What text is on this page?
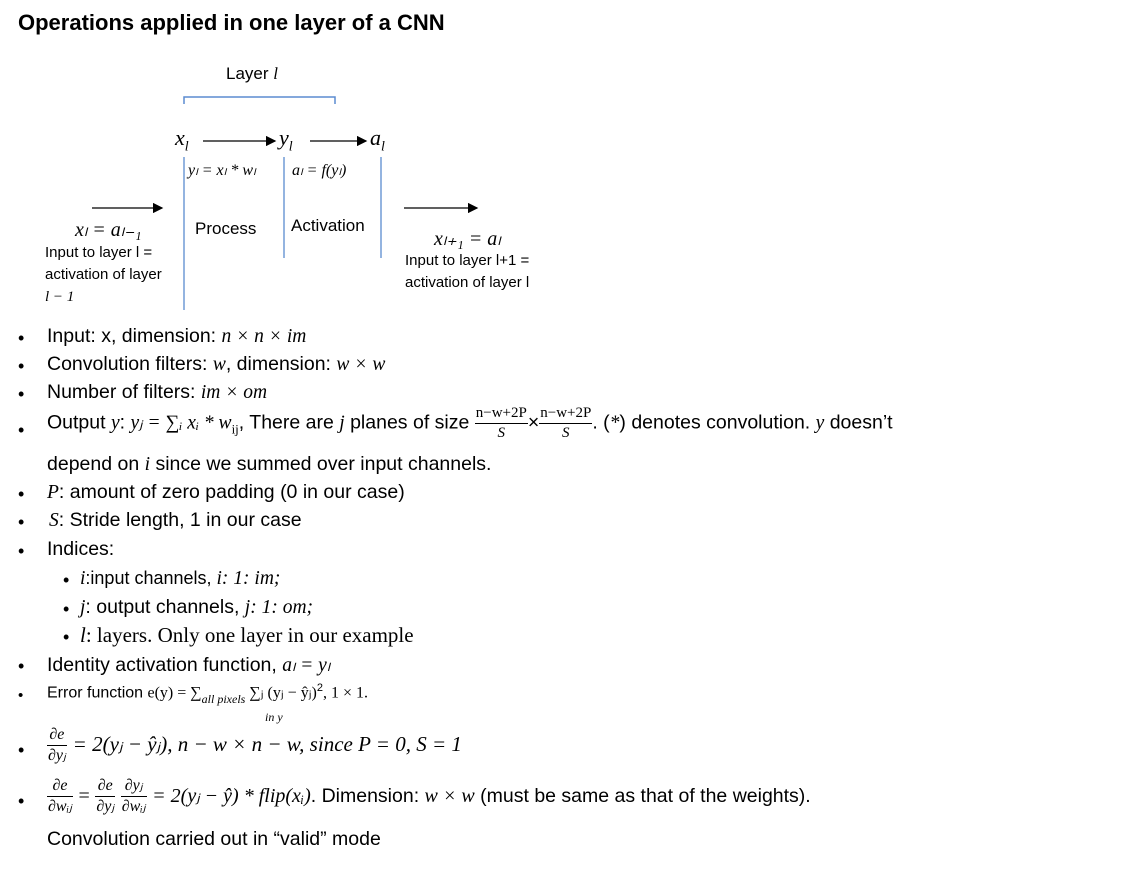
Operations applied in one layer of a CNN
Layer l
$x_l$	$y_l$	$a_l$
yₗ = xₗ * wₗ aₗ = f(yₗ)
Process Activation
xₗ = aₗ₋₁
Input to layer l =
activation of layer
l − 1
xₗ₊₁ = aₗ
Input to layer l+1 =
activation of layer l
• Input: x, dimension: n × n × im
• Convolution filters: w, dimension: w × w
• Number of filters: im × om
• Output y: yⱼ = ∑ᵢ xᵢ * $w_{ij}$, There are j planes of size $\frac{n-w+2P}{S} \times \frac{n-w+2P}{S}$ . (*) denotes convolution. y doesn’t
depend on i since we summed over input channels.
• P: amount of zero padding (0 in our case)
• S: Stride length, 1 in our case
• Indices:
• i:input channels, i: 1: im;
• j: output channels, j: 1: om;
• l: layers. Only one layer in our example
• Identity activation function, aₗ = yₗ
• Error function $e(y) = \sum_{all pixels}$ ∑ⱼ (yⱼ − ŷⱼ)$^2$, 1 × 1.
in y
• $\frac{\partial e}{\text{∂yⱼ}}$ = 2(yⱼ − ŷⱼ), n − w × n − w, since P = 0, S = 1
• $\frac{\partial e}{\text{∂wᵢⱼ}} = \frac{\partial e}{\text{∂yⱼ}}$
$\frac{\text{∂yⱼ}}{\text{∂wᵢⱼ}}$ = 2(yⱼ − ŷ) * flip(xᵢ). Dimension: w × w (must be same as that of the weights).
Convolution carried out in “valid” mode
